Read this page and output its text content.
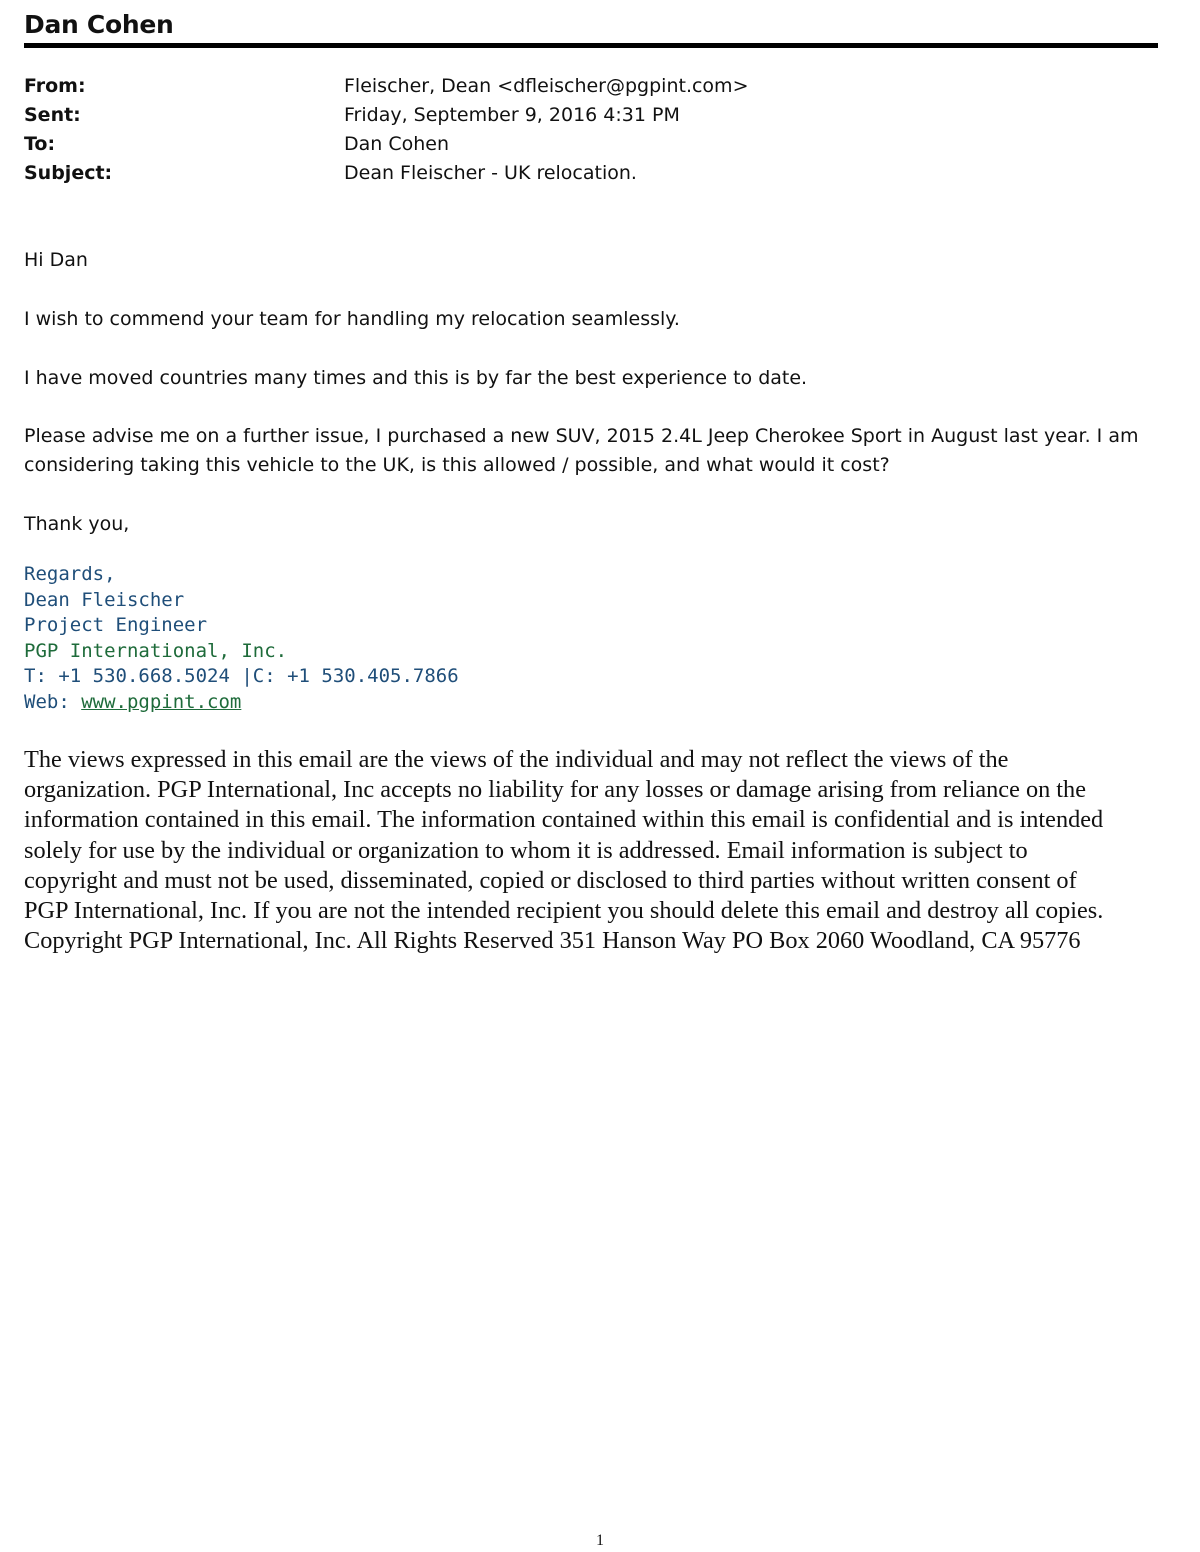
Dan Cohen
From:	Fleischer, Dean <dfleischer@pgpint.com>
Sent:	Friday, September 9, 2016 4:31 PM
To:	Dan Cohen
Subject:	Dean Fleischer - UK relocation.
Hi Dan
I wish to commend your team for handling my relocation seamlessly.
I have moved countries many times and this is by far the best experience to date.
Please advise me on a further issue, I purchased a new SUV, 2015 2.4L Jeep Cherokee Sport in August last year. I am
considering taking this vehicle to the UK, is this allowed / possible, and what would it cost?
Thank you,
Regards,
Dean Fleischer
Project Engineer
PGP International, Inc.
T: +1 530.668.5024 |C: +1 530.405.7866
Web: www.pgpint.com
The views expressed in this email are the views of the individual and may not reflect the views of the
organization. PGP International, Inc accepts no liability for any losses or damage arising from reliance on the
information contained in this email. The information contained within this email is confidential and is intended
solely for use by the individual or organization to whom it is addressed. Email information is subject to
copyright and must not be used, disseminated, copied or disclosed to third parties without written consent of
PGP International, Inc. If you are not the intended recipient you should delete this email and destroy all copies.
Copyright PGP International, Inc. All Rights Reserved 351 Hanson Way PO Box 2060 Woodland, CA 95776
1
